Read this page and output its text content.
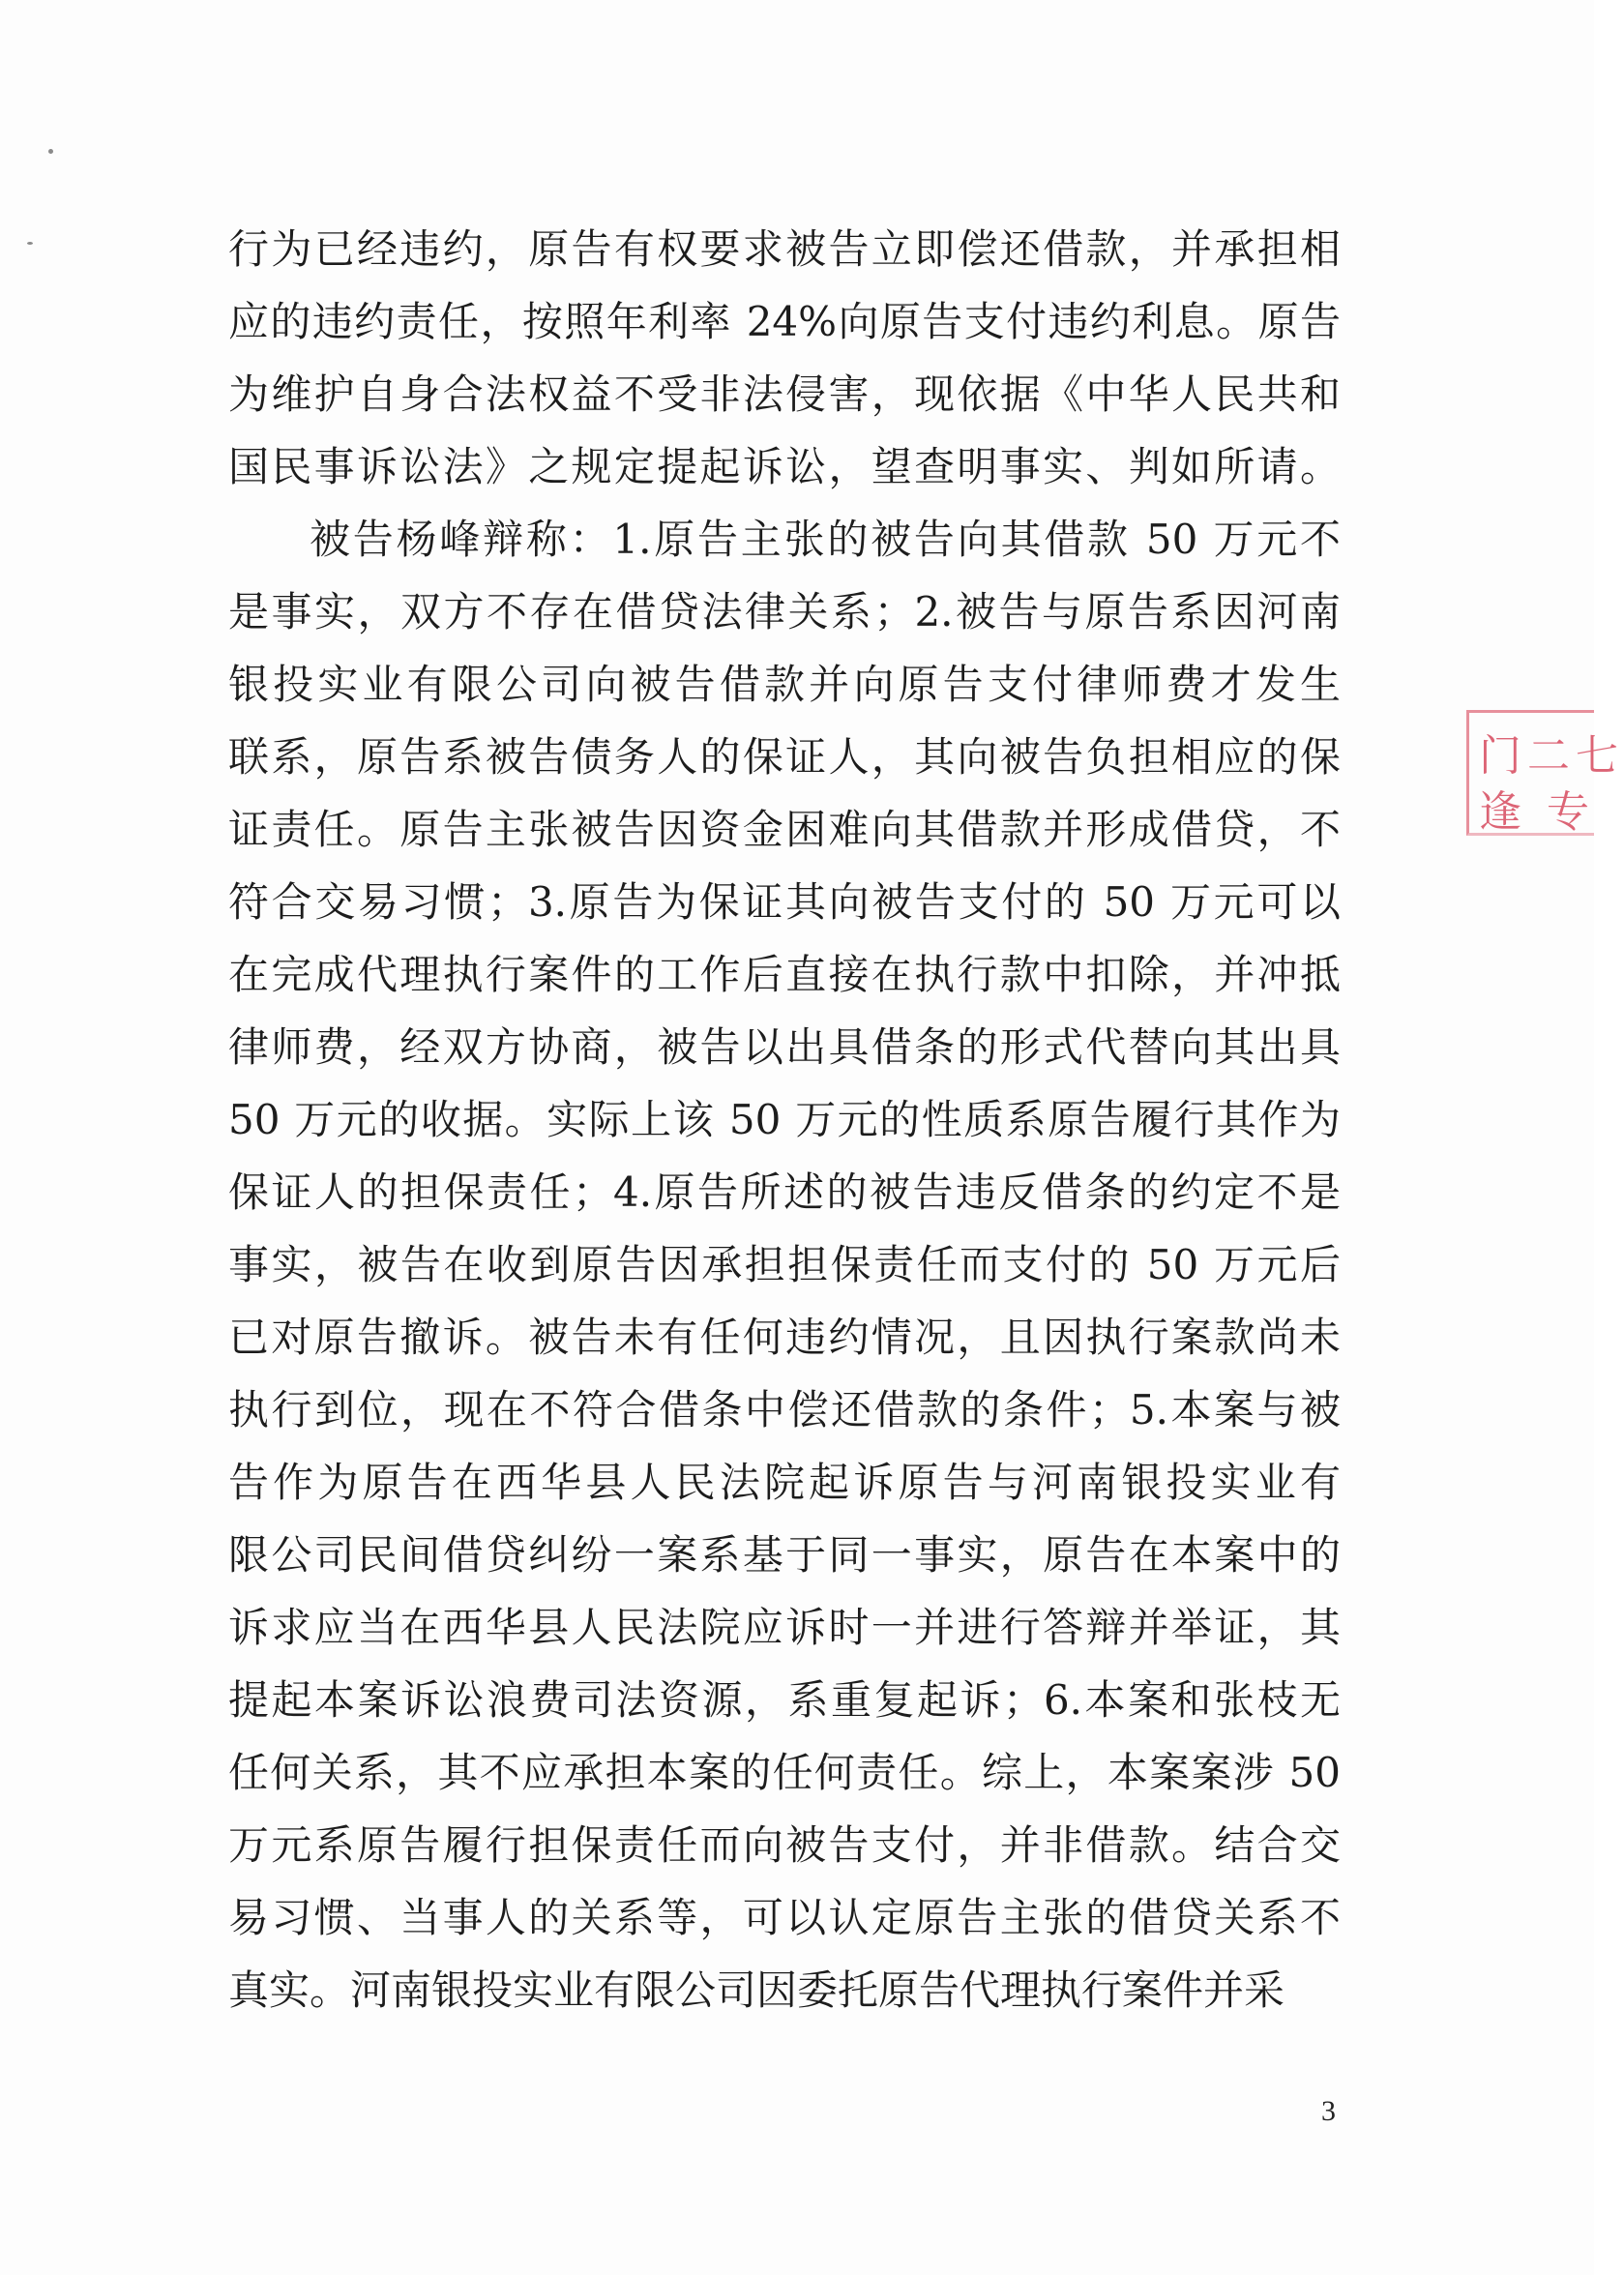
行为已经违约，原告有权要求被告立即偿还借款，并承担相
应的违约责任，按照年利率 24%向原告支付违约利息。原告
为维护自身合法权益不受非法侵害，现依据《中华人民共和
国民事诉讼法》之规定提起诉讼，望查明事实、判如所请。
被告杨峰辩称：1.原告主张的被告向其借款 50 万元不
是事实，双方不存在借贷法律关系；2.被告与原告系因河南
银投实业有限公司向被告借款并向原告支付律师费才发生
联系，原告系被告债务人的保证人，其向被告负担相应的保
证责任。原告主张被告因资金困难向其借款并形成借贷，不
符合交易习惯；3.原告为保证其向被告支付的 50 万元可以
在完成代理执行案件的工作后直接在执行款中扣除，并冲抵
律师费，经双方协商，被告以出具借条的形式代替向其出具
50 万元的收据。实际上该 50 万元的性质系原告履行其作为
保证人的担保责任；4.原告所述的被告违反借条的约定不是
事实，被告在收到原告因承担担保责任而支付的 50 万元后
已对原告撤诉。被告未有任何违约情况，且因执行案款尚未
执行到位，现在不符合借条中偿还借款的条件；5.本案与被
告作为原告在西华县人民法院起诉原告与河南银投实业有
限公司民间借贷纠纷一案系基于同一事实，原告在本案中的
诉求应当在西华县人民法院应诉时一并进行答辩并举证，其
提起本案诉讼浪费司法资源，系重复起诉；6.本案和张枝无
任何关系，其不应承担本案的任何责任。综上，本案案涉 50
万元系原告履行担保责任而向被告支付，并非借款。结合交
易习惯、当事人的关系等，可以认定原告主张的借贷关系不
真实。河南银投实业有限公司因委托原告代理执行案件并采
门二七
逢 专
3
